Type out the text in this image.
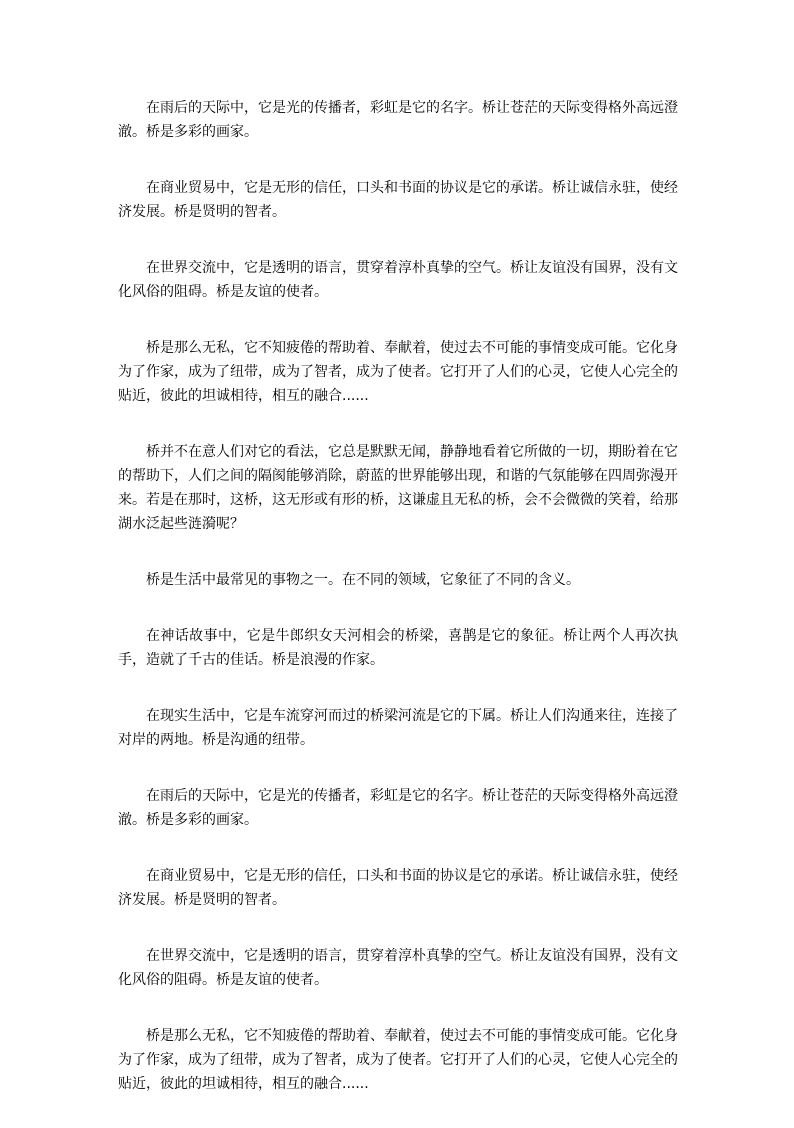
在雨后的天际中，它是光的传播者，彩虹是它的名字。桥让苍茫的天际变得格外高远澄澈。桥是多彩的画家。

在商业贸易中，它是无形的信任，口头和书面的协议是它的承诺。桥让诚信永驻，使经济发展。桥是贤明的智者。

在世界交流中，它是透明的语言，贯穿着淳朴真挚的空气。桥让友谊没有国界，没有文化风俗的阻碍。桥是友谊的使者。

桥是那么无私，它不知疲倦的帮助着、奉献着，使过去不可能的事情变成可能。它化身为了作家，成为了纽带，成为了智者，成为了使者。它打开了人们的心灵，它使人心完全的贴近，彼此的坦诚相待，相互的融合......

桥并不在意人们对它的看法，它总是默默无闻，静静地看着它所做的一切，期盼着在它的帮助下，人们之间的隔阂能够消除，蔚蓝的世界能够出现，和谐的气氛能够在四周弥漫开来。若是在那时，这桥，这无形或有形的桥，这谦虚且无私的桥，会不会微微的笑着，给那湖水泛起些涟漪呢？

桥是生活中最常见的事物之一。在不同的领域，它象征了不同的含义。

在神话故事中，它是牛郎织女天河相会的桥梁，喜鹊是它的象征。桥让两个人再次执手，造就了千古的佳话。桥是浪漫的作家。

在现实生活中，它是车流穿河而过的桥梁河流是它的下属。桥让人们沟通来往，连接了对岸的两地。桥是沟通的纽带。

在雨后的天际中，它是光的传播者，彩虹是它的名字。桥让苍茫的天际变得格外高远澄澈。桥是多彩的画家。

在商业贸易中，它是无形的信任，口头和书面的协议是它的承诺。桥让诚信永驻，使经济发展。桥是贤明的智者。

在世界交流中，它是透明的语言，贯穿着淳朴真挚的空气。桥让友谊没有国界，没有文化风俗的阻碍。桥是友谊的使者。

桥是那么无私，它不知疲倦的帮助着、奉献着，使过去不可能的事情变成可能。它化身为了作家，成为了纽带，成为了智者，成为了使者。它打开了人们的心灵，它使人心完全的贴近，彼此的坦诚相待，相互的融合......
